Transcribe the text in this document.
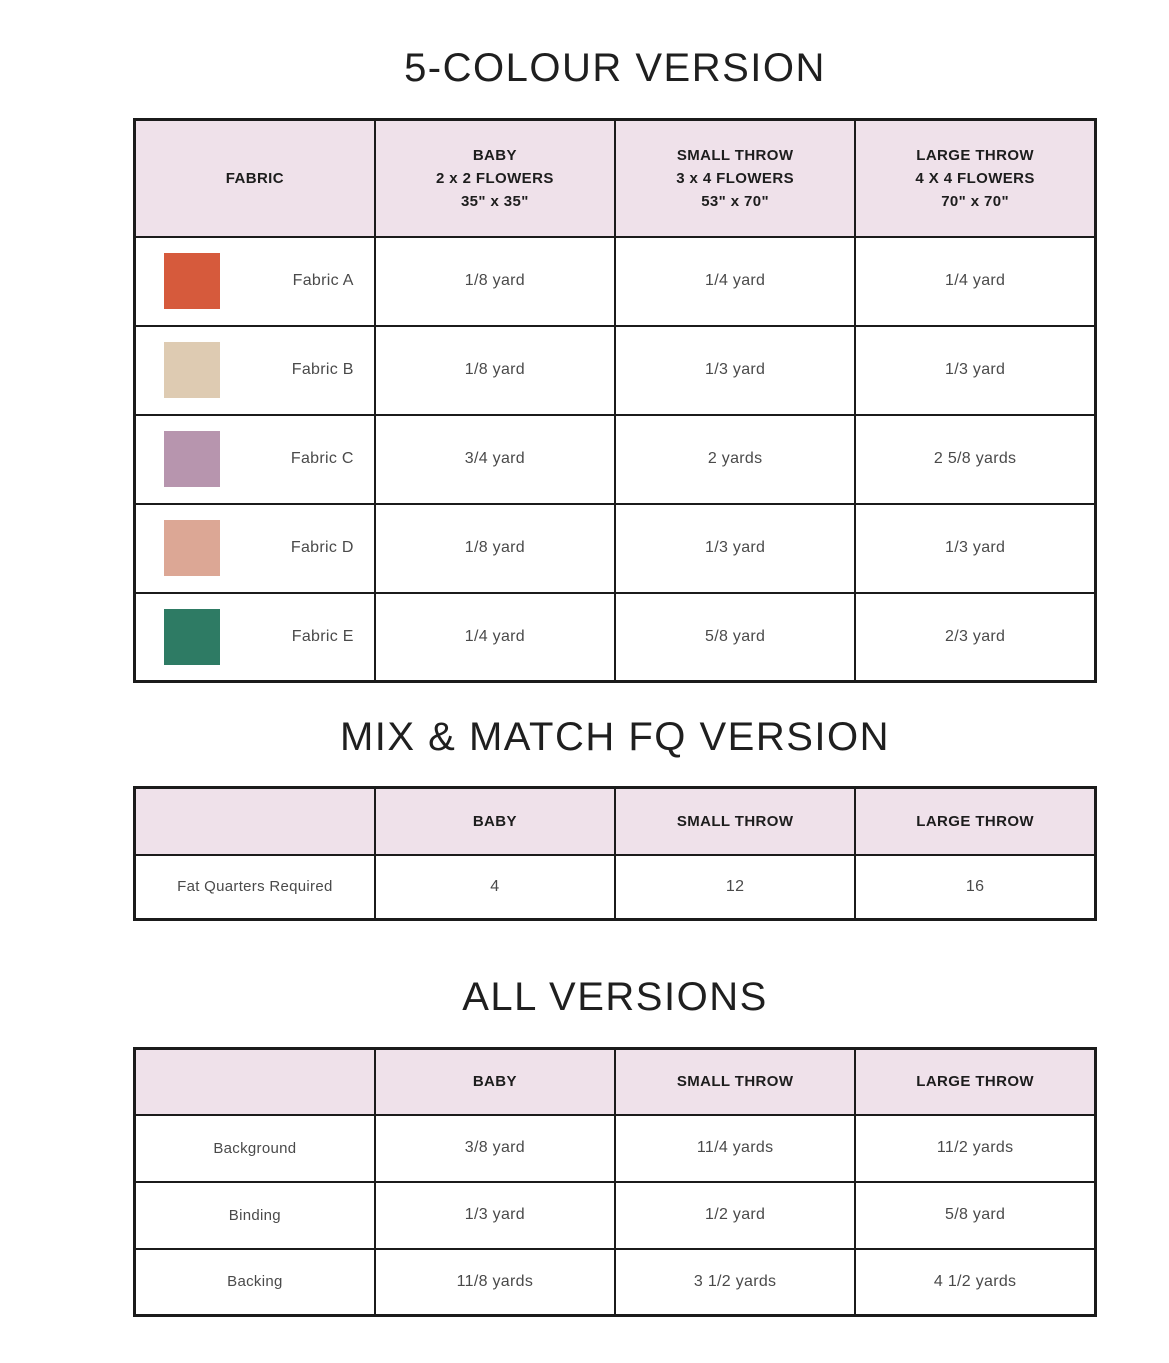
5-COLOUR VERSION
FABRIC	
BABY
2 x 2 FLOWERS
35" x 35"

SMALL THROW
3 x 4 FLOWERS
53" x 70"

LARGE THROW
4 X 4 FLOWERS
70" x 70"

Fabric A	1/8 yard	1/4 yard	1/4 yard

Fabric B	1/8 yard	1/3 yard	1/3 yard

Fabric C	3/4 yard	2 yards	2 5/8 yards

Fabric D	1/8 yard	1/3 yard	1/3 yard

Fabric E	1/4 yard	5/8 yard	2/3 yard
MIX & MATCH FQ VERSION
	BABY	SMALL THROW	LARGE THROW
Fat Quarters Required	4	12	16
ALL VERSIONS
	BABY	SMALL THROW	LARGE THROW
Background	3/8 yard	11/4 yards	11/2 yards
Binding	1/3 yard	1/2 yard	5/8 yard
Backing	11/8 yards	3 1/2 yards	4 1/2 yards
